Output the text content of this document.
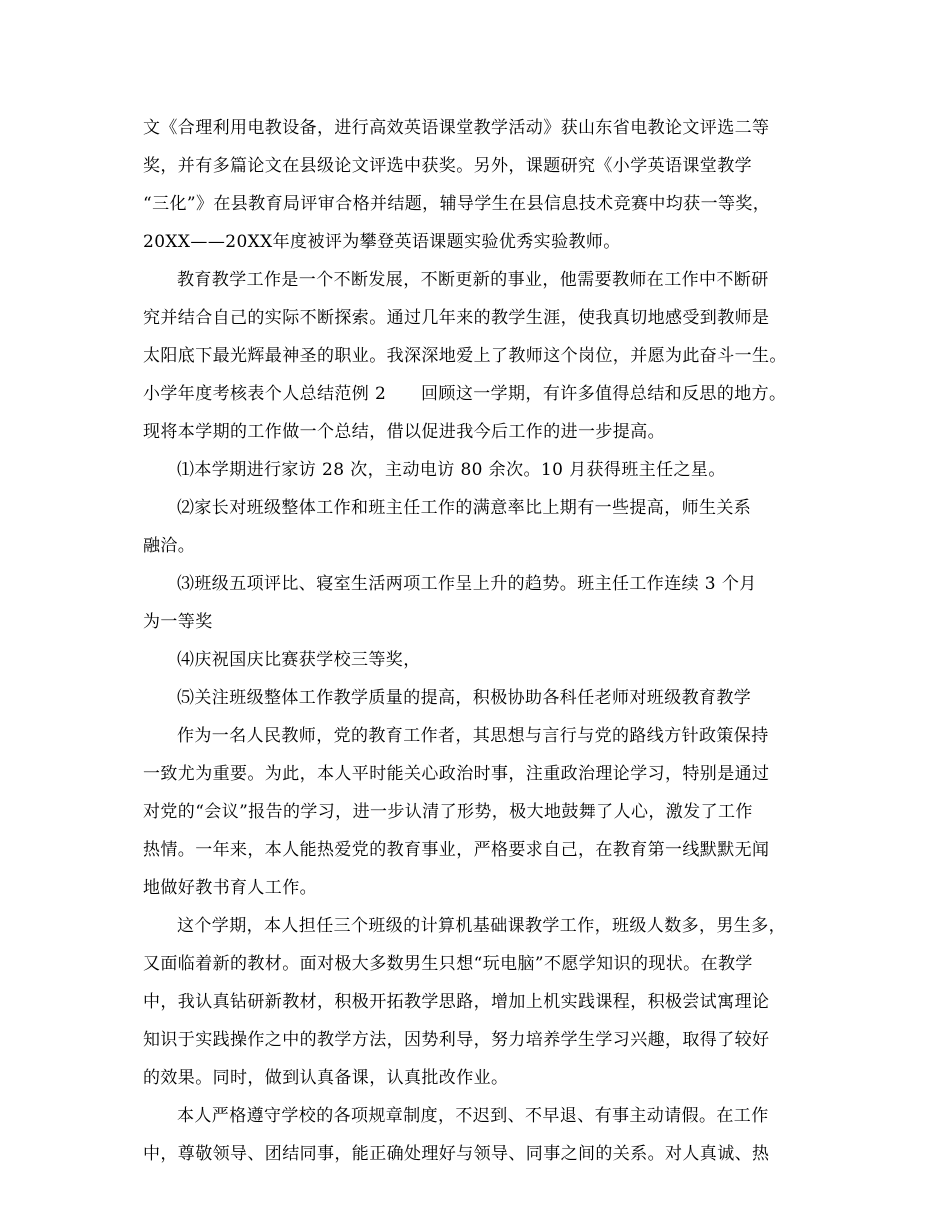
文《合理利用电教设备，进行高效英语课堂教学活动》获山东省电教论文评选二等
奖，并有多篇论文在县级论文评选中获奖。另外，课题研究《小学英语课堂教学
“三化”》在县教育局评审合格并结题，辅导学生在县信息技术竞赛中均获一等奖，
20XX——20XX年度被评为攀登英语课题实验优秀实验教师。
教育教学工作是一个不断发展，不断更新的事业，他需要教师在工作中不断研
究并结合自己的实际不断探索。通过几年来的教学生涯，使我真切地感受到教师是
太阳底下最光辉最神圣的职业。我深深地爱上了教师这个岗位，并愿为此奋斗一生。
小学年度考核表个人总结范例 2　　回顾这一学期，有许多值得总结和反思的地方。
现将本学期的工作做一个总结，借以促进我今后工作的进一步提高。
⑴本学期进行家访 28 次，主动电访 80 余次。10 月获得班主任之星。
⑵家长对班级整体工作和班主任工作的满意率比上期有一些提高，师生关系
融洽。
⑶班级五项评比、寝室生活两项工作呈上升的趋势。班主任工作连续 3 个月
为一等奖
⑷庆祝国庆比赛获学校三等奖，
⑸关注班级整体工作教学质量的提高，积极协助各科任老师对班级教育教学
作为一名人民教师，党的教育工作者，其思想与言行与党的路线方针政策保持
一致尤为重要。为此，本人平时能关心政治时事，注重政治理论学习，特别是通过
对党的“会议”报告的学习，进一步认清了形势，极大地鼓舞了人心，激发了工作
热情。一年来，本人能热爱党的教育事业，严格要求自己，在教育第一线默默无闻
地做好教书育人工作。
这个学期，本人担任三个班级的计算机基础课教学工作，班级人数多，男生多，
又面临着新的教材。面对极大多数男生只想“玩电脑”不愿学知识的现状。在教学
中，我认真钻研新教材，积极开拓教学思路，增加上机实践课程，积极尝试寓理论
知识于实践操作之中的教学方法，因势利导，努力培养学生学习兴趣，取得了较好
的效果。同时，做到认真备课，认真批改作业。
本人严格遵守学校的各项规章制度，不迟到、不早退、有事主动请假。在工作
中，尊敬领导、团结同事，能正确处理好与领导、同事之间的关系。对人真诚、热
